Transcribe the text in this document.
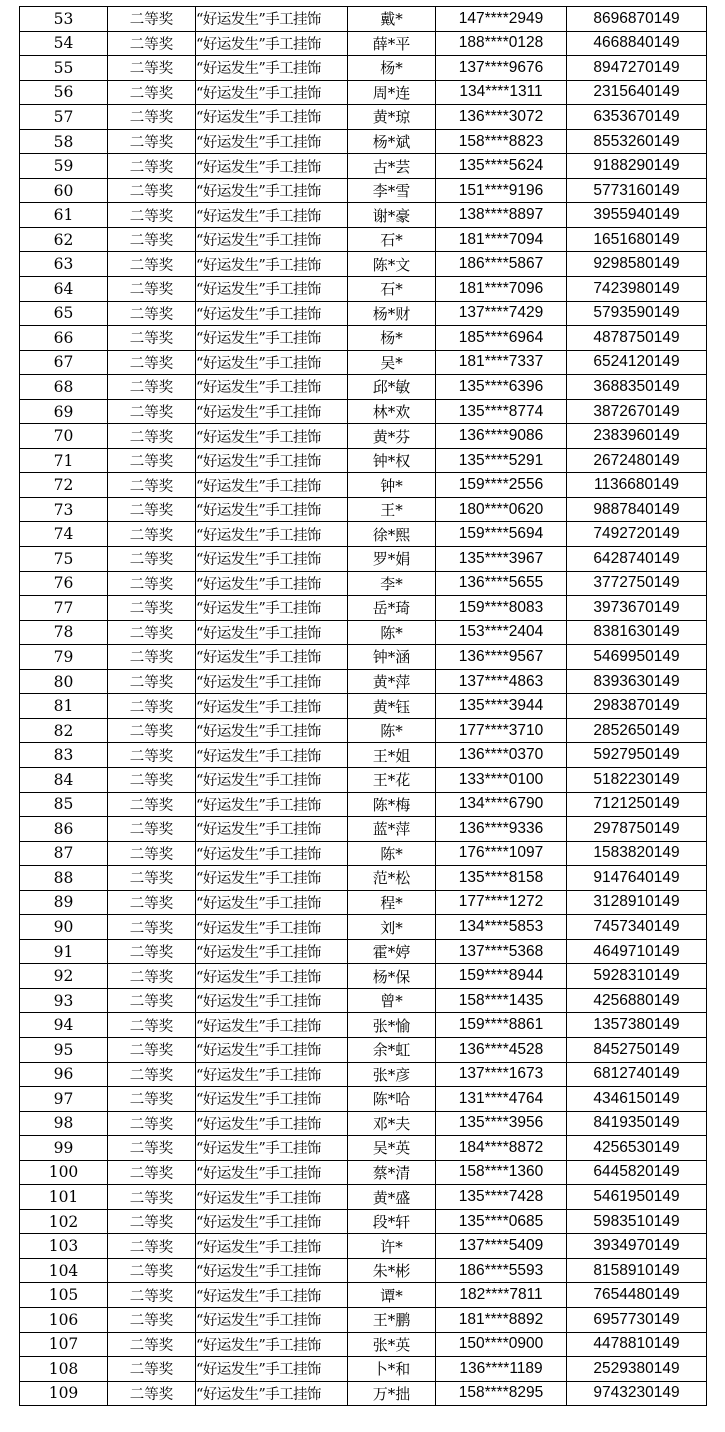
53	二等奖	“好运发生”手工挂饰	戴*	147****2949	8696870149
54	二等奖	“好运发生”手工挂饰	薛*平	188****0128	4668840149
55	二等奖	“好运发生”手工挂饰	杨*	137****9676	8947270149
56	二等奖	“好运发生”手工挂饰	周*连	134****1311	2315640149
57	二等奖	“好运发生”手工挂饰	黄*琼	136****3072	6353670149
58	二等奖	“好运发生”手工挂饰	杨*斌	158****8823	8553260149
59	二等奖	“好运发生”手工挂饰	古*芸	135****5624	9188290149
60	二等奖	“好运发生”手工挂饰	李*雪	151****9196	5773160149
61	二等奖	“好运发生”手工挂饰	谢*豪	138****8897	3955940149
62	二等奖	“好运发生”手工挂饰	石*	181****7094	1651680149
63	二等奖	“好运发生”手工挂饰	陈*文	186****5867	9298580149
64	二等奖	“好运发生”手工挂饰	石*	181****7096	7423980149
65	二等奖	“好运发生”手工挂饰	杨*财	137****7429	5793590149
66	二等奖	“好运发生”手工挂饰	杨*	185****6964	4878750149
67	二等奖	“好运发生”手工挂饰	吴*	181****7337	6524120149
68	二等奖	“好运发生”手工挂饰	邱*敏	135****6396	3688350149
69	二等奖	“好运发生”手工挂饰	林*欢	135****8774	3872670149
70	二等奖	“好运发生”手工挂饰	黄*芬	136****9086	2383960149
71	二等奖	“好运发生”手工挂饰	钟*权	135****5291	2672480149
72	二等奖	“好运发生”手工挂饰	钟*	159****2556	1136680149
73	二等奖	“好运发生”手工挂饰	王*	180****0620	9887840149
74	二等奖	“好运发生”手工挂饰	徐*熙	159****5694	7492720149
75	二等奖	“好运发生”手工挂饰	罗*娟	135****3967	6428740149
76	二等奖	“好运发生”手工挂饰	李*	136****5655	3772750149
77	二等奖	“好运发生”手工挂饰	岳*琦	159****8083	3973670149
78	二等奖	“好运发生”手工挂饰	陈*	153****2404	8381630149
79	二等奖	“好运发生”手工挂饰	钟*涵	136****9567	5469950149
80	二等奖	“好运发生”手工挂饰	黄*萍	137****4863	8393630149
81	二等奖	“好运发生”手工挂饰	黄*钰	135****3944	2983870149
82	二等奖	“好运发生”手工挂饰	陈*	177****3710	2852650149
83	二等奖	“好运发生”手工挂饰	王*姐	136****0370	5927950149
84	二等奖	“好运发生”手工挂饰	王*花	133****0100	5182230149
85	二等奖	“好运发生”手工挂饰	陈*梅	134****6790	7121250149
86	二等奖	“好运发生”手工挂饰	蓝*萍	136****9336	2978750149
87	二等奖	“好运发生”手工挂饰	陈*	176****1097	1583820149
88	二等奖	“好运发生”手工挂饰	范*松	135****8158	9147640149
89	二等奖	“好运发生”手工挂饰	程*	177****1272	3128910149
90	二等奖	“好运发生”手工挂饰	刘*	134****5853	7457340149
91	二等奖	“好运发生”手工挂饰	霍*婷	137****5368	4649710149
92	二等奖	“好运发生”手工挂饰	杨*保	159****8944	5928310149
93	二等奖	“好运发生”手工挂饰	曾*	158****1435	4256880149
94	二等奖	“好运发生”手工挂饰	张*愉	159****8861	1357380149
95	二等奖	“好运发生”手工挂饰	余*虹	136****4528	8452750149
96	二等奖	“好运发生”手工挂饰	张*彦	137****1673	6812740149
97	二等奖	“好运发生”手工挂饰	陈*哈	131****4764	4346150149
98	二等奖	“好运发生”手工挂饰	邓*夫	135****3956	8419350149
99	二等奖	“好运发生”手工挂饰	吴*英	184****8872	4256530149
100	二等奖	“好运发生”手工挂饰	蔡*清	158****1360	6445820149
101	二等奖	“好运发生”手工挂饰	黄*盛	135****7428	5461950149
102	二等奖	“好运发生”手工挂饰	段*轩	135****0685	5983510149
103	二等奖	“好运发生”手工挂饰	许*	137****5409	3934970149
104	二等奖	“好运发生”手工挂饰	朱*彬	186****5593	8158910149
105	二等奖	“好运发生”手工挂饰	谭*	182****7811	7654480149
106	二等奖	“好运发生”手工挂饰	王*鹏	181****8892	6957730149
107	二等奖	“好运发生”手工挂饰	张*英	150****0900	4478810149
108	二等奖	“好运发生”手工挂饰	卜*和	136****1189	2529380149
109	二等奖	“好运发生”手工挂饰	万*拙	158****8295	9743230149
